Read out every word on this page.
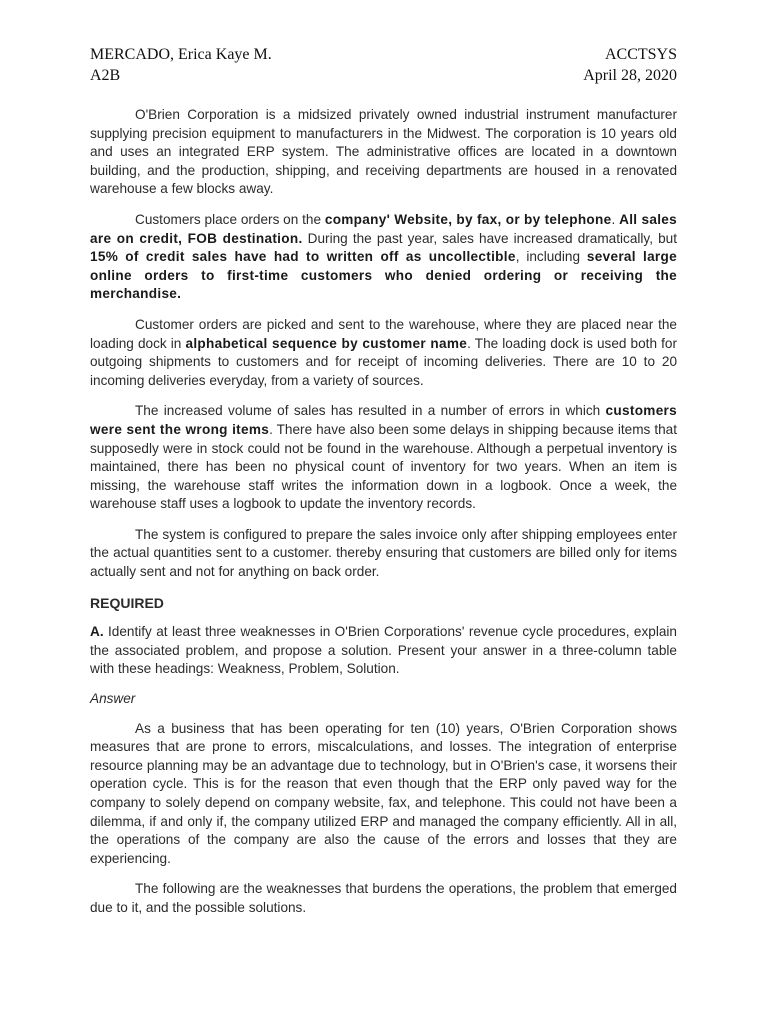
MERCADO, Erica Kaye M.	ACCTSYS
A2B	April 28, 2020

O'Brien Corporation is a midsized privately owned industrial instrument manufacturer supplying precision equipment to manufacturers in the Midwest. The corporation is 10 years old and uses an integrated ERP system. The administrative offices are located in a downtown building, and the production, shipping, and receiving departments are housed in a renovated warehouse a few blocks away.

Customers place orders on the company' Website, by fax, or by telephone. All sales are on credit, FOB destination. During the past year, sales have increased dramatically, but 15% of credit sales have had to written off as uncollectible, including several large online orders to first-time customers who denied ordering or receiving the merchandise.

Customer orders are picked and sent to the warehouse, where they are placed near the loading dock in alphabetical sequence by customer name. The loading dock is used both for outgoing shipments to customers and for receipt of incoming deliveries. There are 10 to 20 incoming deliveries everyday, from a variety of sources.

The increased volume of sales has resulted in a number of errors in which customers were sent the wrong items. There have also been some delays in shipping because items that supposedly were in stock could not be found in the warehouse. Although a perpetual inventory is maintained, there has been no physical count of inventory for two years. When an item is missing, the warehouse staff writes the information down in a logbook. Once a week, the warehouse staff uses a logbook to update the inventory records.

The system is configured to prepare the sales invoice only after shipping employees enter the actual quantities sent to a customer. thereby ensuring that customers are billed only for items actually sent and not for anything on back order.

REQUIRED

A. Identify at least three weaknesses in O'Brien Corporations' revenue cycle procedures, explain the associated problem, and propose a solution. Present your answer in a three-column table with these headings: Weakness, Problem, Solution.

Answer

As a business that has been operating for ten (10) years, O'Brien Corporation shows measures that are prone to errors, miscalculations, and losses. The integration of enterprise resource planning may be an advantage due to technology, but in O'Brien's case, it worsens their operation cycle. This is for the reason that even though that the ERP only paved way for the company to solely depend on company website, fax, and telephone. This could not have been a dilemma, if and only if, the company utilized ERP and managed the company efficiently. All in all, the operations of the company are also the cause of the errors and losses that they are experiencing.

The following are the weaknesses that burdens the operations, the problem that emerged due to it, and the possible solutions.
